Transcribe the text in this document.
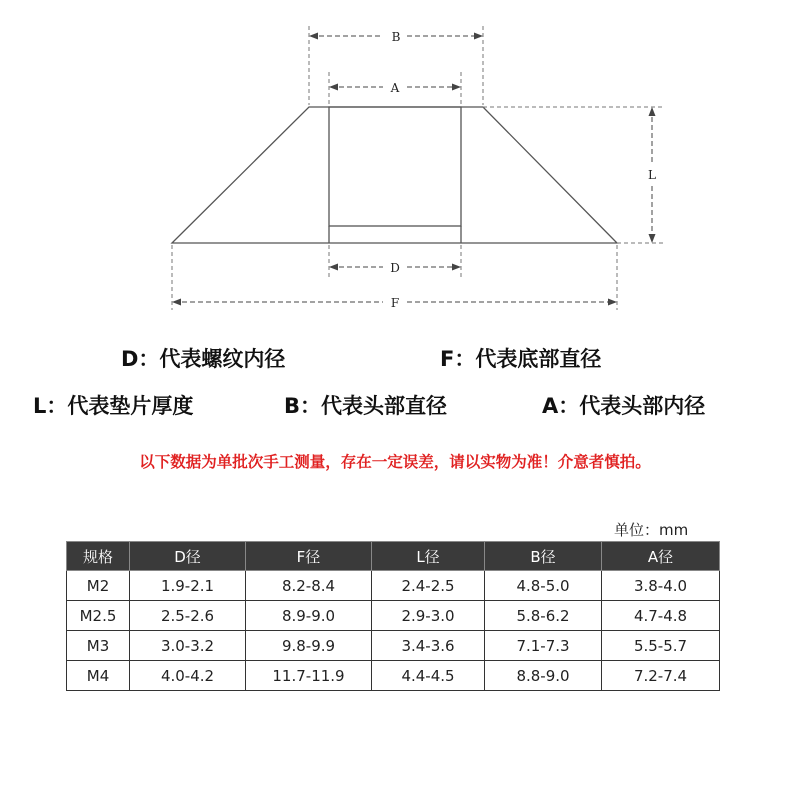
B
A
L
D
F
D：代表螺纹内径	F：代表底部直径
L：代表垫片厚度	B：代表头部直径	A：代表头部内径
以下数据为单批次手工测量，存在一定误差，请以实物为准！介意者慎拍。
单位：mm
规格	D径	F径	L径	B径	A径
M2	1.9-2.1	8.2-8.4	2.4-2.5	4.8-5.0	3.8-4.0
M2.5	2.5-2.6	8.9-9.0	2.9-3.0	5.8-6.2	4.7-4.8
M3	3.0-3.2	9.8-9.9	3.4-3.6	7.1-7.3	5.5-5.7
M4	4.0-4.2	11.7-11.9	4.4-4.5	8.8-9.0	7.2-7.4
